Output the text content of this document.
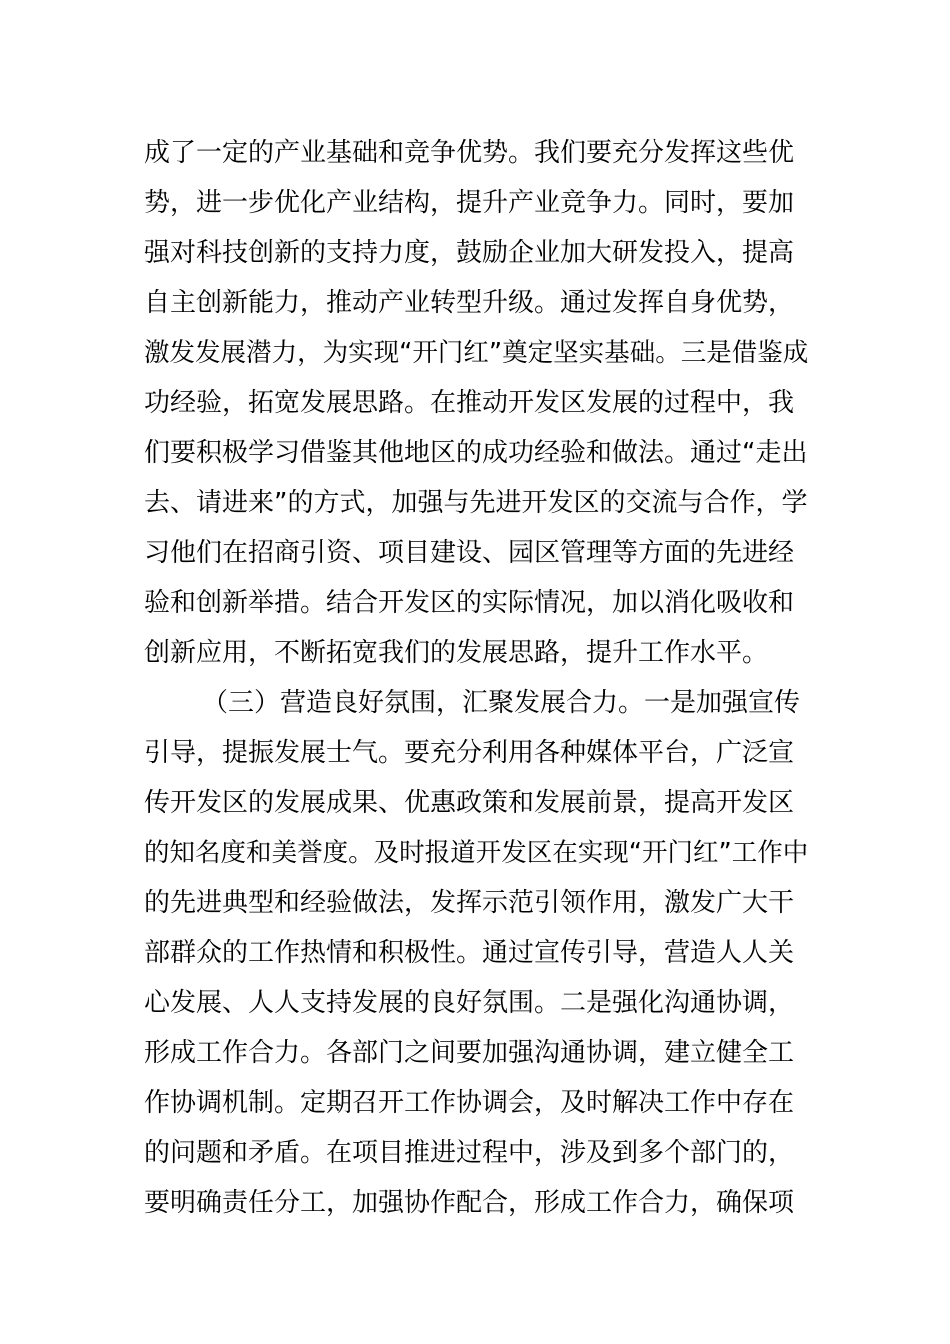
成了一定的产业基础和竞争优势。我们要充分发挥这些优
势，进一步优化产业结构，提升产业竞争力。同时，要加
强对科技创新的支持力度，鼓励企业加大研发投入，提高
自主创新能力，推动产业转型升级。通过发挥自身优势，
激发发展潜力，为实现“开门红”奠定坚实基础。三是借鉴成
功经验，拓宽发展思路。在推动开发区发展的过程中，我
们要积极学习借鉴其他地区的成功经验和做法。通过“走出
去、请进来”的方式，加强与先进开发区的交流与合作，学
习他们在招商引资、项目建设、园区管理等方面的先进经
验和创新举措。结合开发区的实际情况，加以消化吸收和
创新应用，不断拓宽我们的发展思路，提升工作水平。
（三）营造良好氛围，汇聚发展合力。一是加强宣传
引导，提振发展士气。要充分利用各种媒体平台，广泛宣
传开发区的发展成果、优惠政策和发展前景，提高开发区
的知名度和美誉度。及时报道开发区在实现“开门红”工作中
的先进典型和经验做法，发挥示范引领作用，激发广大干
部群众的工作热情和积极性。通过宣传引导，营造人人关
心发展、人人支持发展的良好氛围。二是强化沟通协调，
形成工作合力。各部门之间要加强沟通协调，建立健全工
作协调机制。定期召开工作协调会，及时解决工作中存在
的问题和矛盾。在项目推进过程中，涉及到多个部门的，
要明确责任分工，加强协作配合，形成工作合力，确保项
